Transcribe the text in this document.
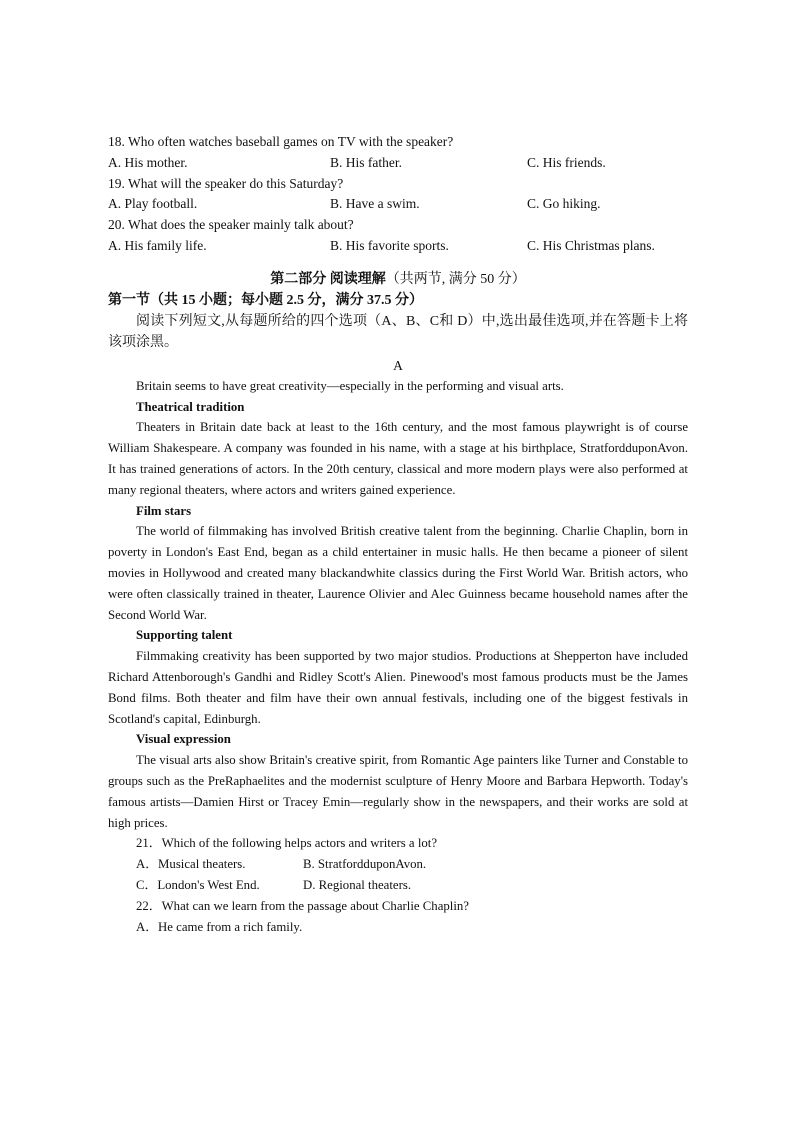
18. Who often watches baseball games on TV with the speaker?
A. His mother.	B. His father.	C. His friends.
19. What will the speaker do this Saturday?
A. Play football.	B. Have a swim.	C. Go hiking.
20. What does the speaker mainly talk about?
A. His family life.	B. His favorite sports.	C. His Christmas plans.
第二部分 阅读理解（共两节, 满分 50 分）
第一节（共 15 小题；每小题 2.5 分，满分 37.5 分）
阅读下列短文,从每题所给的四个选项（A、B、C和 D）中,选出最佳选项,并在答题卡上将该项涂黑。
A

Britain seems to have great creativity—especially in the performing and visual arts.

Theatrical tradition

Theaters in Britain date back at least to the 16th century, and the most famous playwright is of course William Shakespeare. A company was founded in his name, with a stage at his birthplace, StratfordduponAvon. It has trained generations of actors. In the 20th century, classical and more modern plays were also performed at many regional theaters, where actors and writers gained experience.

Film stars

The world of filmmaking has involved British creative talent from the beginning. Charlie Chaplin, born in poverty in London's East End, began as a child entertainer in music halls. He then became a pioneer of silent movies in Hollywood and created many blackandwhite classics during the First World War. British actors, who were often classically trained in theater, Laurence Olivier and Alec Guinness became household names after the Second World War.

Supporting talent

Filmmaking creativity has been supported by two major studios. Productions at Shepperton have included Richard Attenborough's Gandhi and Ridley Scott's Alien. Pinewood's most famous products must be the James Bond films. Both theater and film have their own annual festivals, including one of the biggest festivals in Scotland's capital, Edinburgh.

Visual expression

The visual arts also show Britain's creative spirit, from Romantic Age painters like Turner and Constable to groups such as the PreRaphaelites and the modernist sculpture of Henry Moore and Barbara Hepworth. Today's famous artists—Damien Hirst or Tracey Emin—regularly show in the newspapers, and their works are sold at high prices.

21．Which of the following helps actors and writers a lot?
A．Musical theaters.	B. StratfordduponAvon.
C．London's West End.	D. Regional theaters.
22．What can we learn from the passage about Charlie Chaplin?
A．He came from a rich family.
